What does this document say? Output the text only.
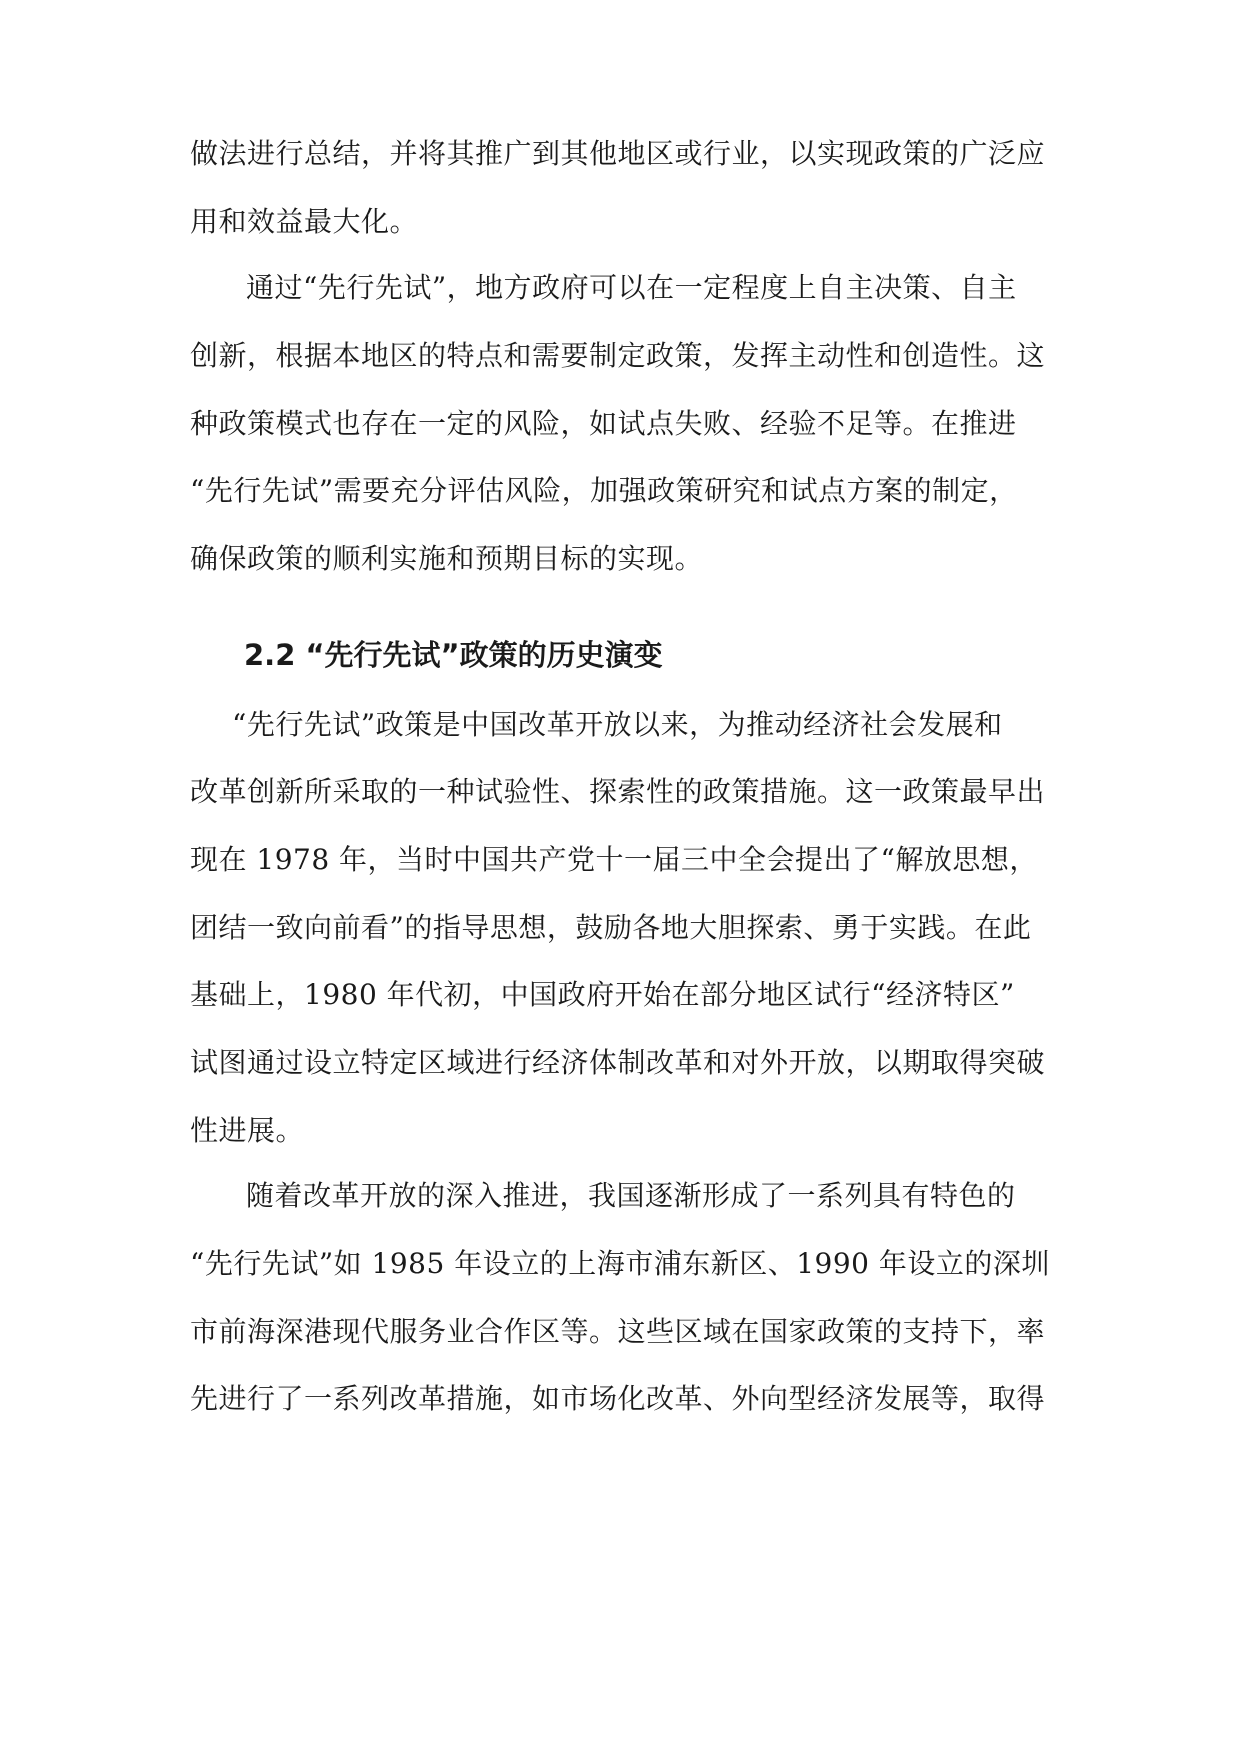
做法进行总结，并将其推广到其他地区或行业，以实现政策的广泛应
用和效益最大化。
通过“先行先试”，地方政府可以在一定程度上自主决策、自主
创新，根据本地区的特点和需要制定政策，发挥主动性和创造性。这
种政策模式也存在一定的风险，如试点失败、经验不足等。在推进
“先行先试”需要充分评估风险，加强政策研究和试点方案的制定，
确保政策的顺利实施和预期目标的实现。
2.2 “先行先试”政策的历史演变
“先行先试”政策是中国改革开放以来，为推动经济社会发展和
改革创新所采取的一种试验性、探索性的政策措施。这一政策最早出
现在 1978 年，当时中国共产党十一届三中全会提出了“解放思想，
团结一致向前看”的指导思想，鼓励各地大胆探索、勇于实践。在此
基础上，1980 年代初，中国政府开始在部分地区试行“经济特区”
试图通过设立特定区域进行经济体制改革和对外开放，以期取得突破
性进展。
随着改革开放的深入推进，我国逐渐形成了一系列具有特色的
“先行先试”如 1985 年设立的上海市浦东新区、1990 年设立的深圳
市前海深港现代服务业合作区等。这些区域在国家政策的支持下，率
先进行了一系列改革措施，如市场化改革、外向型经济发展等，取得
